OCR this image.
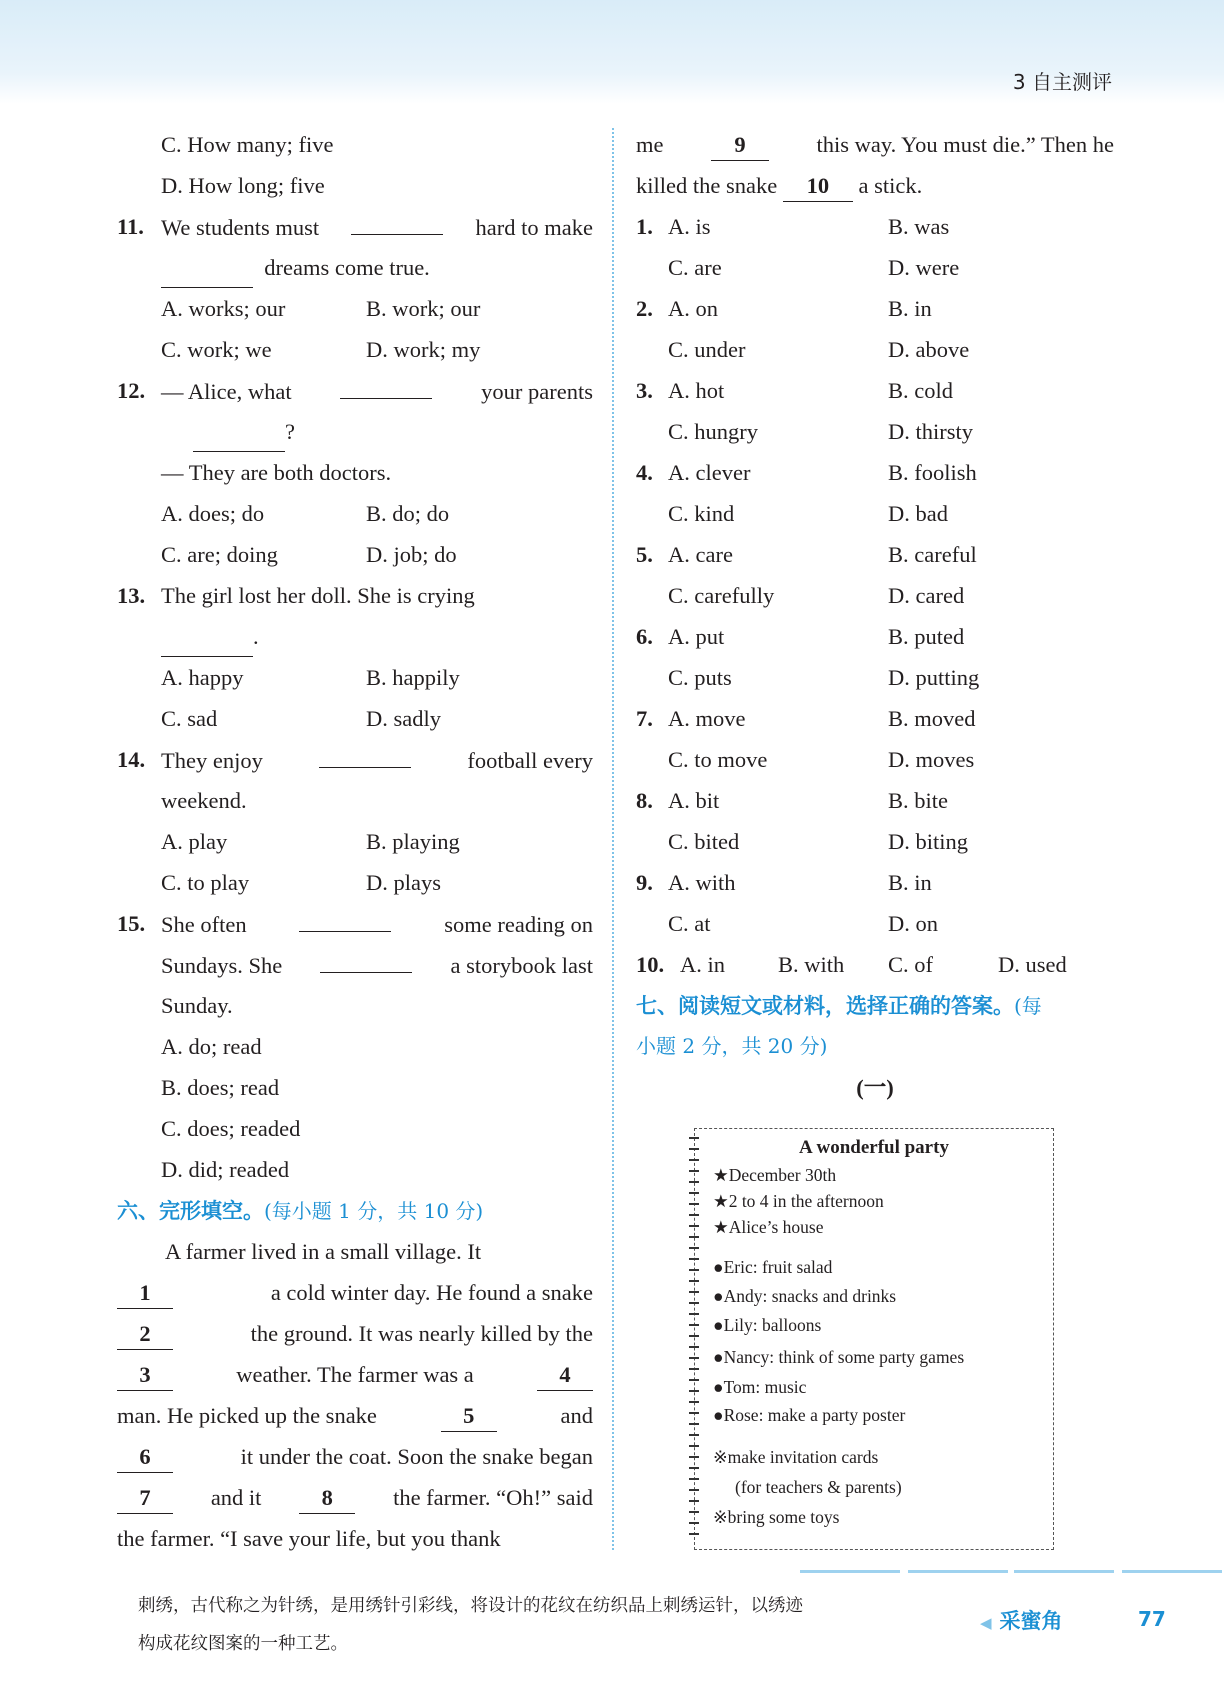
3 自主测评
C. How many; five
D. How long; five
11. We students must	hard to make
dreams come true.
A. works; our	B. work; our
C. work; we	D. work; my
12. — Alice, what	your parents
?
— They are both doctors.
A. does; do	B. do; do
C. are; doing	D. job; do
13. The girl lost her doll. She is crying
.
A. happy	B. happily
C. sad	D. sadly
14. They enjoy	football every
weekend.
A. play	B. playing
C. to play	D. plays
15. She often	some reading on
Sundays. She	a storybook last
Sunday.
A. do; read
B. does; read
C. does; readed
D. did; readed
六、完形填空。(每小题 1 分，共 10 分)
A farmer lived in a small village. It
1	a cold winter day. He found a snake
2	the ground. It was nearly killed by the
3	weather. The farmer was a	4
man. He picked up the snake	5	and
6	it under the coat. Soon the snake began
7	and it	8	the farmer. “Oh!” said
the farmer. “I save your life, but you thank
me	9	this way. You must die.” Then he
killed the snake 10 a stick.
1. A. is	B. was
C. are	D. were
2. A. on	B. in
C. under	D. above
3. A. hot	B. cold
C. hungry	D. thirsty
4. A. clever	B. foolish
C. kind	D. bad
5. A. care	B. careful
C. carefully	D. cared
6. A. put	B. puted
C. puts	D. putting
7. A. move	B. moved
C. to move	D. moves
8. A. bit	B. bite
C. bited	D. biting
9. A. with	B. in
C. at	D. on
10. A. in B. with C. of	D. used
七、阅读短文或材料，选择正确的答案。(每
小题 2 分，共 20 分)
(一)
A wonderful party
★December 30th
★2 to 4 in the afternoon
★Alice’s house
●Eric: fruit salad
●Andy: snacks and drinks
●Lily: balloons
●Nancy: think of some party games
●Tom: music
●Rose: make a party poster
※make invitation cards
(for teachers & parents)
※bring some toys
刺绣，古代称之为针绣，是用绣针引彩线，将设计的花纹在纺织品上刺绣运针，以绣迹
构成花纹图案的一种工艺。
◀ 采蜜角	77
